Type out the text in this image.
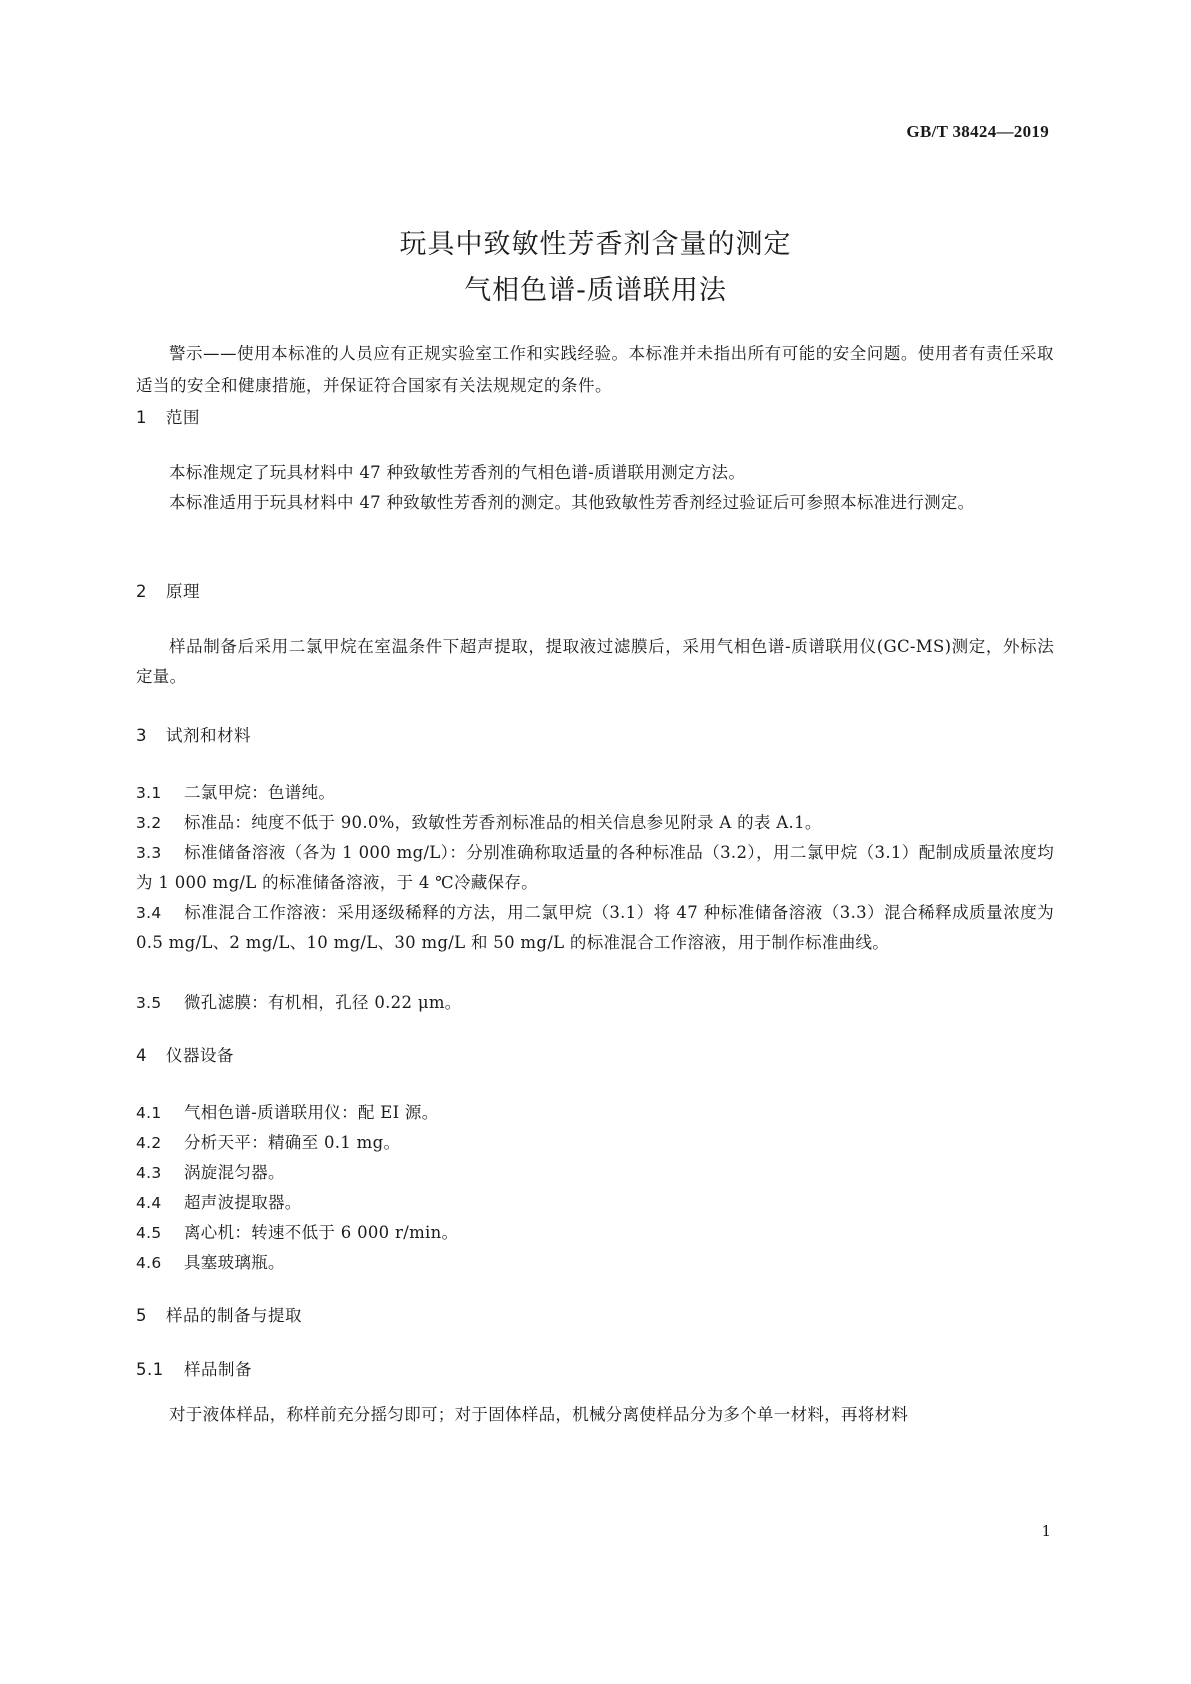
GB/T 38424—2019
玩具中致敏性芳香剂含量的测定
气相色谱-质谱联用法
警示——使用本标准的人员应有正规实验室工作和实践经验。本标准并未指出所有可能的安全问题。使用者有责任采取适当的安全和健康措施，并保证符合国家有关法规规定的条件。
1 范围
本标准规定了玩具材料中 47 种致敏性芳香剂的气相色谱-质谱联用测定方法。
本标准适用于玩具材料中 47 种致敏性芳香剂的测定。其他致敏性芳香剂经过验证后可参照本标准进行测定。
2 原理
样品制备后采用二氯甲烷在室温条件下超声提取，提取液过滤膜后，采用气相色谱-质谱联用仪(GC-MS)测定，外标法定量。
3 试剂和材料
3.1 二氯甲烷：色谱纯。
3.2 标准品：纯度不低于 90.0%，致敏性芳香剂标准品的相关信息参见附录 A 的表 A.1。
3.3 标准储备溶液（各为 1 000 mg/L）：分别准确称取适量的各种标准品（3.2），用二氯甲烷（3.1）配制成质量浓度均为 1 000 mg/L 的标准储备溶液，于 4 ℃冷藏保存。
3.4 标准混合工作溶液：采用逐级稀释的方法，用二氯甲烷（3.1）将 47 种标准储备溶液（3.3）混合稀释成质量浓度为 0.5 mg/L、2 mg/L、10 mg/L、30 mg/L 和 50 mg/L 的标准混合工作溶液，用于制作标准曲线。
3.5 微孔滤膜：有机相，孔径 0.22 μm。
4 仪器设备
4.1 气相色谱-质谱联用仪：配 EI 源。
4.2 分析天平：精确至 0.1 mg。
4.3 涡旋混匀器。
4.4 超声波提取器。
4.5 离心机：转速不低于 6 000 r/min。
4.6 具塞玻璃瓶。
5 样品的制备与提取
5.1 样品制备
对于液体样品，称样前充分摇匀即可；对于固体样品，机械分离使样品分为多个单一材料，再将材料
1
